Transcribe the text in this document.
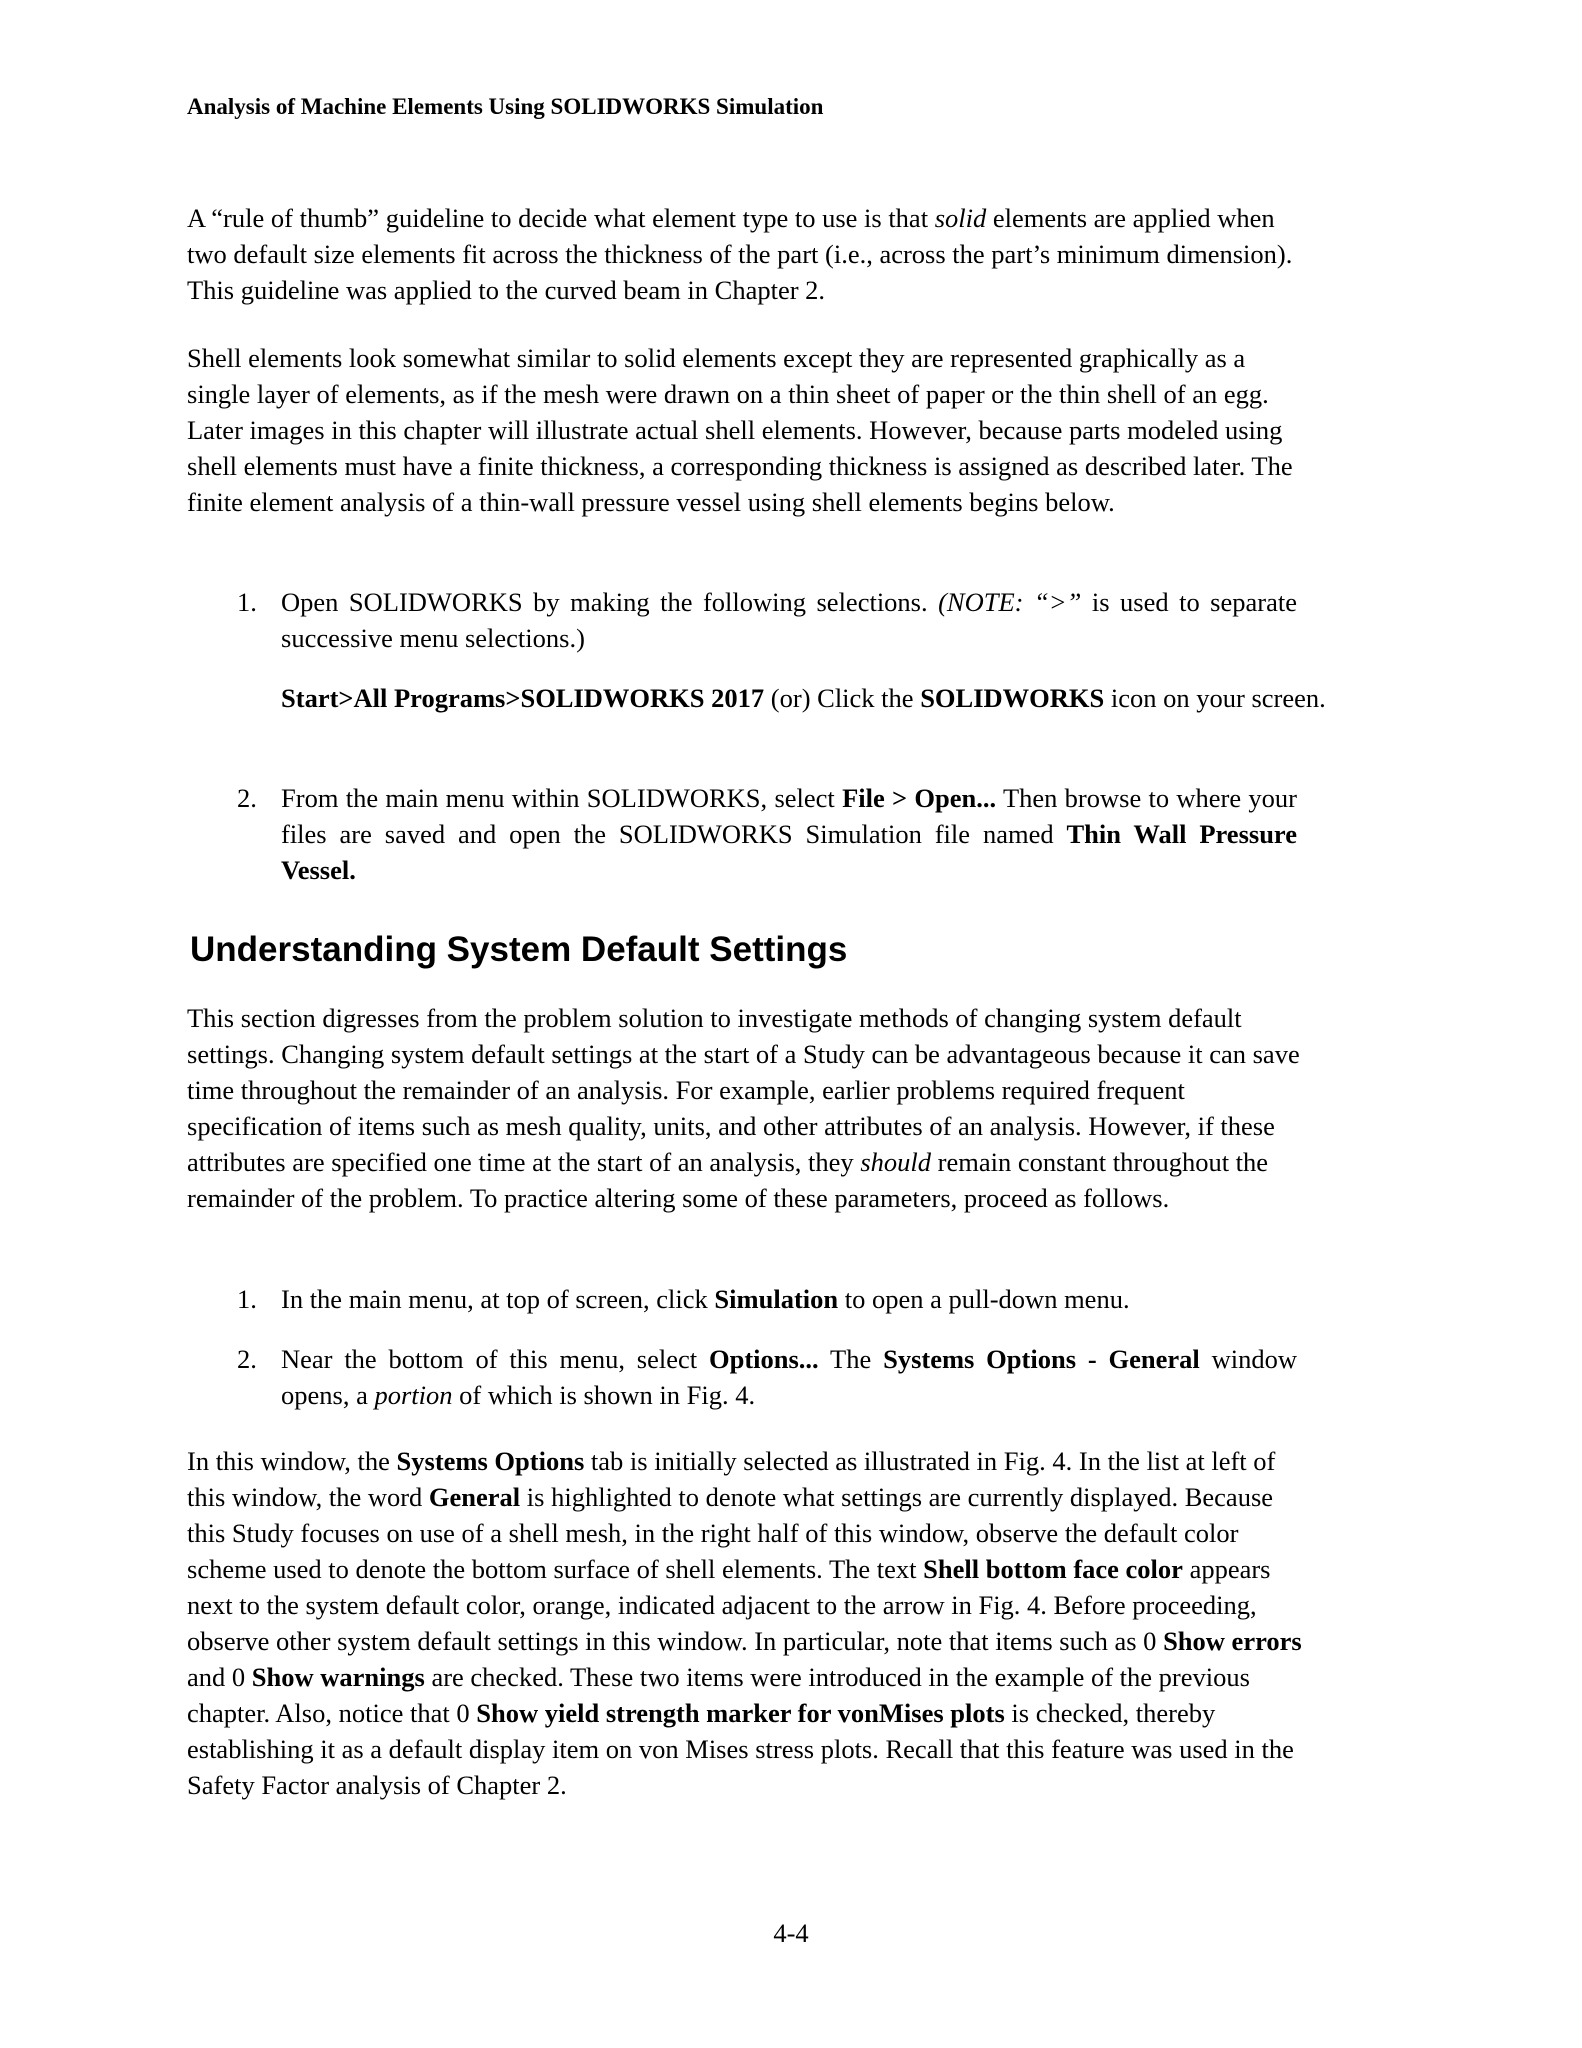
Analysis of Machine Elements Using SOLIDWORKS Simulation

A “rule of thumb” guideline to decide what element type to use is that solid elements are applied when two default size elements fit across the thickness of the part (i.e., across the part’s minimum dimension). This guideline was applied to the curved beam in Chapter 2.

Shell elements look somewhat similar to solid elements except they are represented graphically as a single layer of elements, as if the mesh were drawn on a thin sheet of paper or the thin shell of an egg. Later images in this chapter will illustrate actual shell elements. However, because parts modeled using shell elements must have a finite thickness, a corresponding thickness is assigned as described later. The finite element analysis of a thin-wall pressure vessel using shell elements begins below.

1. Open SOLIDWORKS by making the following selections. (NOTE: “>” is used to separate successive menu selections.)
Start>All Programs>SOLIDWORKS 2017 (or) Click the SOLIDWORKS icon on your screen.
2. From the main menu within SOLIDWORKS, select File > Open... Then browse to where your files are saved and open the SOLIDWORKS Simulation file named Thin Wall Pressure Vessel.
Understanding System Default Settings

This section digresses from the problem solution to investigate methods of changing system default settings. Changing system default settings at the start of a Study can be advantageous because it can save time throughout the remainder of an analysis. For example, earlier problems required frequent specification of items such as mesh quality, units, and other attributes of an analysis. However, if these attributes are specified one time at the start of an analysis, they should remain constant throughout the remainder of the problem. To practice altering some of these parameters, proceed as follows.

1. In the main menu, at top of screen, click Simulation to open a pull-down menu.
2. Near the bottom of this menu, select Options... The Systems Options - General window opens, a portion of which is shown in Fig. 4.

In this window, the Systems Options tab is initially selected as illustrated in Fig. 4. In the list at left of this window, the word General is highlighted to denote what settings are currently displayed. Because this Study focuses on use of a shell mesh, in the right half of this window, observe the default color scheme used to denote the bottom surface of shell elements. The text Shell bottom face color appears next to the system default color, orange, indicated adjacent to the arrow in Fig. 4. Before proceeding, observe other system default settings in this window. In particular, note that items such as 0 Show errors and 0 Show warnings are checked. These two items were introduced in the example of the previous chapter. Also, notice that 0 Show yield strength marker for vonMises plots is checked, thereby establishing it as a default display item on von Mises stress plots. Recall that this feature was used in the Safety Factor analysis of Chapter 2.

4-4
